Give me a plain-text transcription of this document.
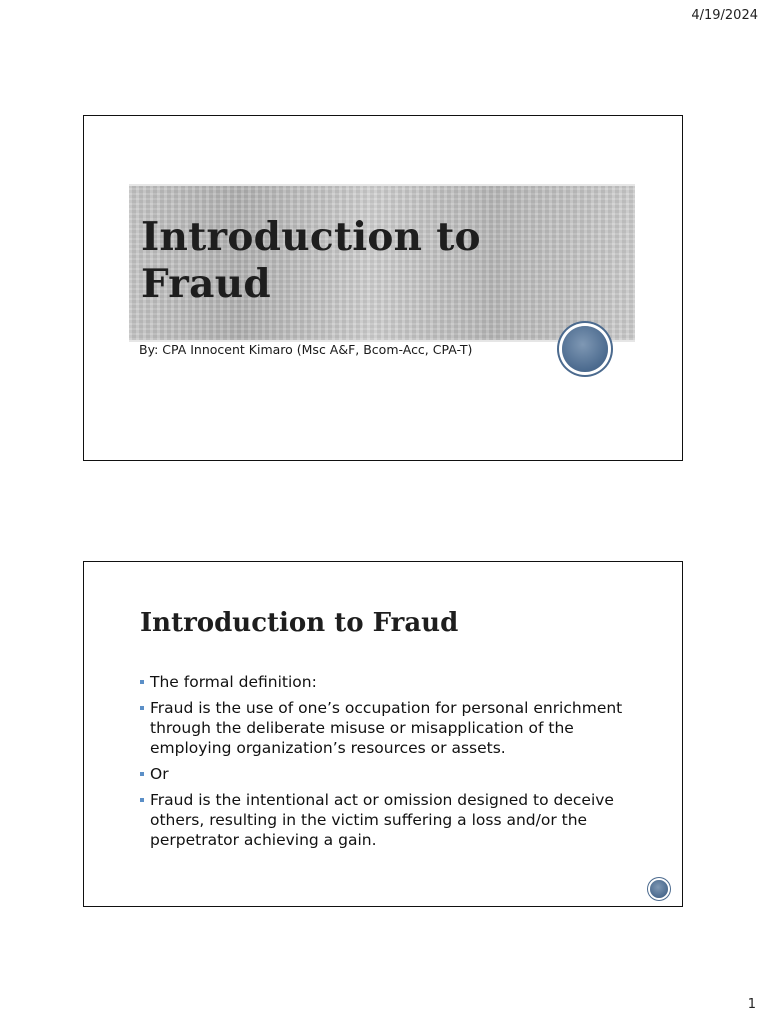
4/19/2024
Introduction to
Fraud
By: CPA Innocent Kimaro (Msc A&F, Bcom-Acc, CPA-T)
Introduction to Fraud
The formal definition:
Fraud is the use of one’s occupation for personal enrichment through the deliberate misuse or misapplication of the employing organization’s resources or assets.
Or
Fraud is the intentional act or omission designed to deceive others, resulting in the victim suffering a loss and/or the perpetrator achieving a gain.
1
